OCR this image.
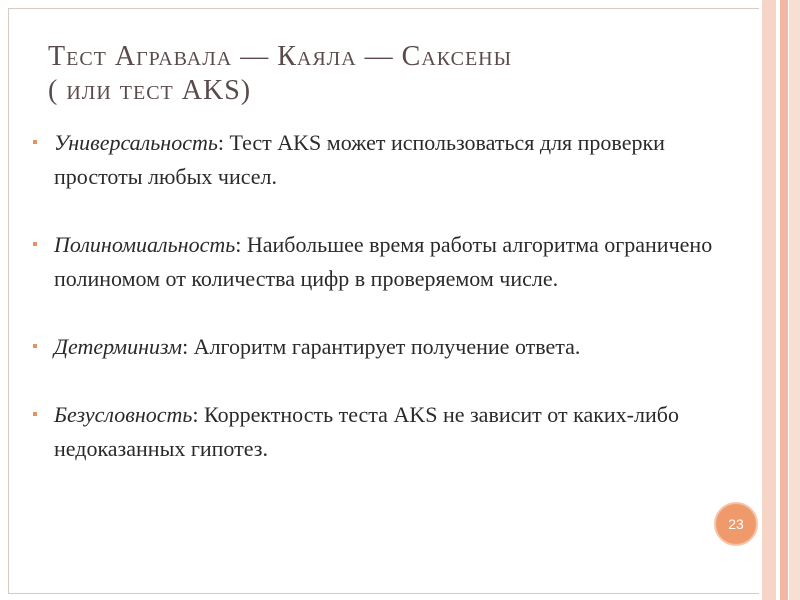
Тест Агравала — Каяла — Саксены
( или тест AKS)
▪ Универсальность: Тест AKS может использоваться для проверки простоты любых чисел.
▪ Полиномиальность: Наибольшее время работы алгоритма ограничено полиномом от количества цифр в проверяемом числе.
▪ Детерминизм: Алгоритм гарантирует получение ответа.
▪ Безусловность: Корректность теста AKS не зависит от каких-либо недоказанных гипотез.
23
